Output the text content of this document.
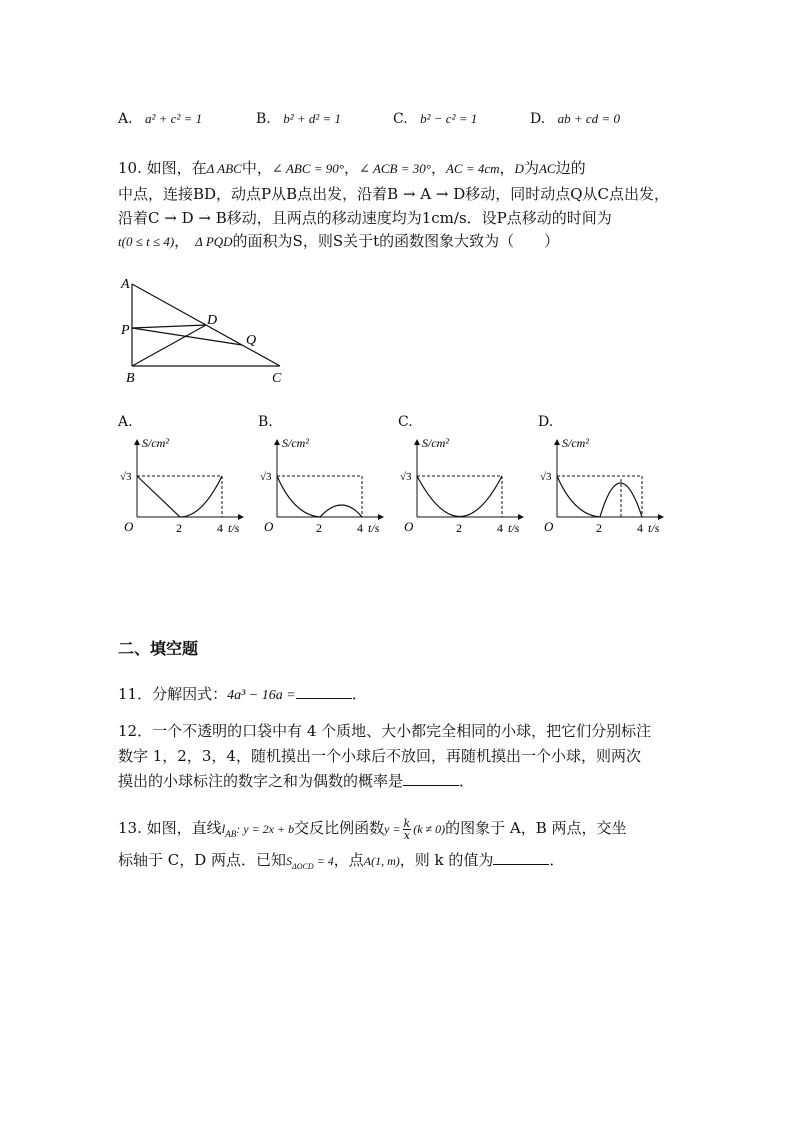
A. a² + c² = 1	B. b² + d² = 1	C. b² − c² = 1	D. ab + cd = 0
10. 如图，在Δ ABC中，∠ ABC = 90°，∠ ACB = 30°，AC = 4cm，D为AC边的
中点，连接BD，动点P从B点出发，沿着B → A → D移动，同时动点Q从C点出发，
沿着C → D → B移动，且两点的移动速度均为1cm/s．设P点移动的时间为
t(0 ≤ t ≤ 4)， Δ PQD的面积为S，则S关于t的函数图象大致为（　　）
A
P
B	C
D
Q
A.
S/cm²
√3
O	2	4 t/s
B.
S/cm²
√3
O	2	4 t/s
C.
S/cm²
√3
O	2	4 t/s
D.
S/cm²
√3
O	2	4 t/s
二、填空题
11．分解因式：4a³ − 16a =	．
12．一个不透明的口袋中有 4 个质地、大小都完全相同的小球，把它们分别标注
数字 1，2，3，4，随机摸出一个小球后不放回，再随机摸出一个小球，则两次
摸出的小球标注的数字之和为偶数的概率是	．
13. 如图，直线$l_{AB}$: y = 2x + b交反比例函数$y = \frac{k}{x} (k \ne 0)$的图象于 A，B 两点，交坐
标轴于 C，D 两点．已知$S_{\Delta OCD} = 4$，点A(1, m)，则 k 的值为	．
